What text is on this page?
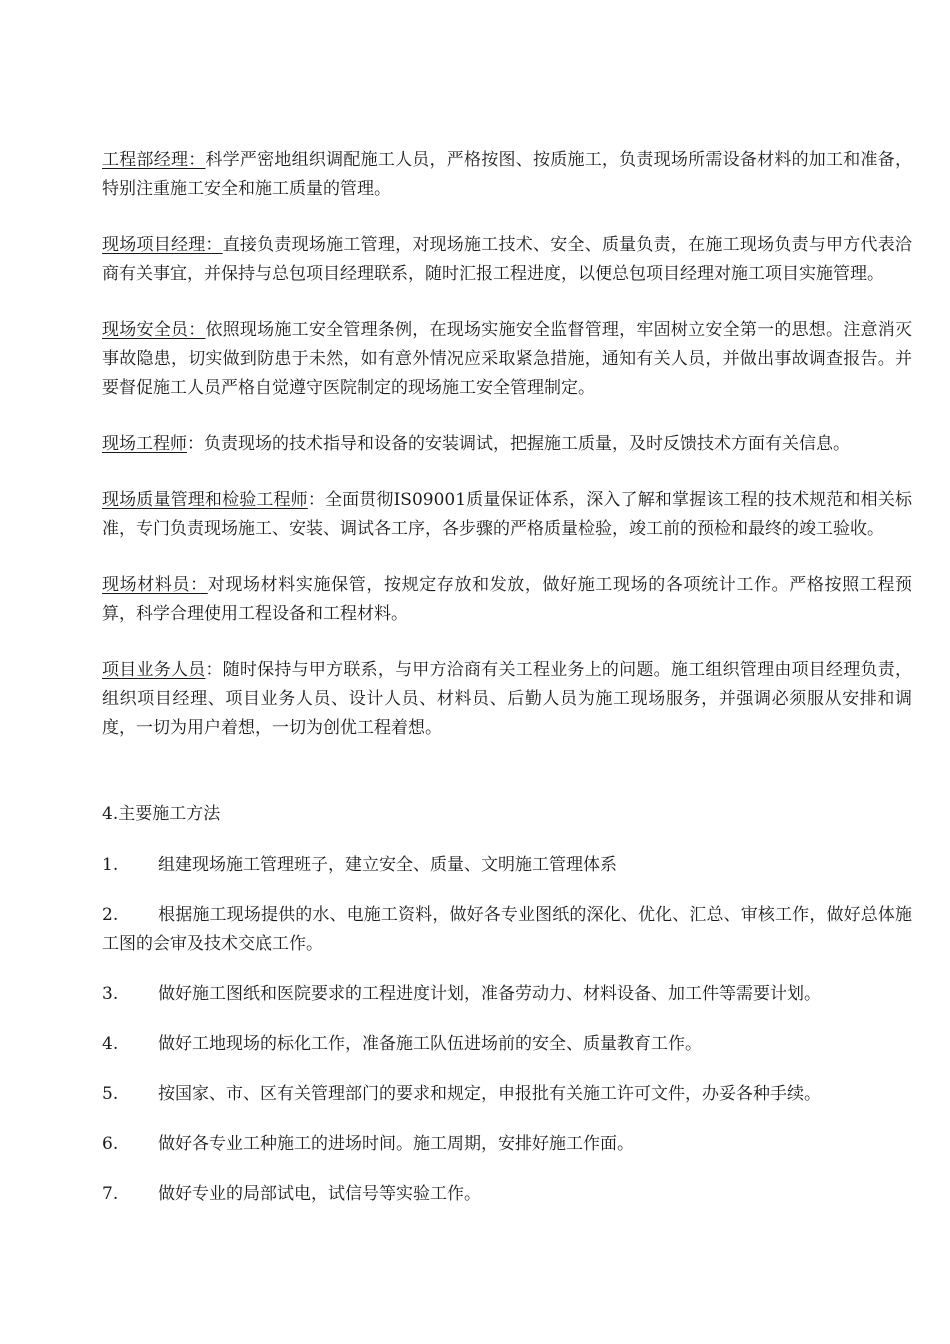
工程部经理：科学严密地组织调配施工人员，严格按图、按质施工，负责现场所需设备材料的加工和准备，特别注重施工安全和施工质量的管理。

现场项目经理：直接负责现场施工管理，对现场施工技术、安全、质量负责，在施工现场负责与甲方代表洽商有关事宜，并保持与总包项目经理联系，随时汇报工程进度，以便总包项目经理对施工项目实施管理。

现场安全员：依照现场施工安全管理条例，在现场实施安全监督管理，牢固树立安全第一的思想。注意消灭事故隐患，切实做到防患于未然，如有意外情况应采取紧急措施，通知有关人员，并做出事故调查报告。并要督促施工人员严格自觉遵守医院制定的现场施工安全管理制定。

现场工程师：负责现场的技术指导和设备的安装调试，把握施工质量，及时反馈技术方面有关信息。

现场质量管理和检验工程师：全面贯彻IS09001质量保证体系，深入了解和掌握该工程的技术规范和相关标准，专门负责现场施工、安装、调试各工序，各步骤的严格质量检验，竣工前的预检和最终的竣工验收。

现场材料员：对现场材料实施保管，按规定存放和发放，做好施工现场的各项统计工作。严格按照工程预算，科学合理使用工程设备和工程材料。

项目业务人员：随时保持与甲方联系，与甲方洽商有关工程业务上的问题。施工组织管理由项目经理负责，组织项目经理、项目业务人员、设计人员、材料员、后勤人员为施工现场服务，并强调必须服从安排和调度，一切为用户着想，一切为创优工程着想。

4.主要施工方法

1. 组建现场施工管理班子，建立安全、质量、文明施工管理体系

2. 根据施工现场提供的水、电施工资料，做好各专业图纸的深化、优化、汇总、审核工作，做好总体施工图的会审及技术交底工作。

3. 做好施工图纸和医院要求的工程进度计划，准备劳动力、材料设备、加工件等需要计划。

4. 做好工地现场的标化工作，准备施工队伍进场前的安全、质量教育工作。

5. 按国家、市、区有关管理部门的要求和规定，申报批有关施工许可文件，办妥各种手续。

6. 做好各专业工种施工的进场时间。施工周期，安排好施工作面。

7. 做好专业的局部试电，试信号等实验工作。
